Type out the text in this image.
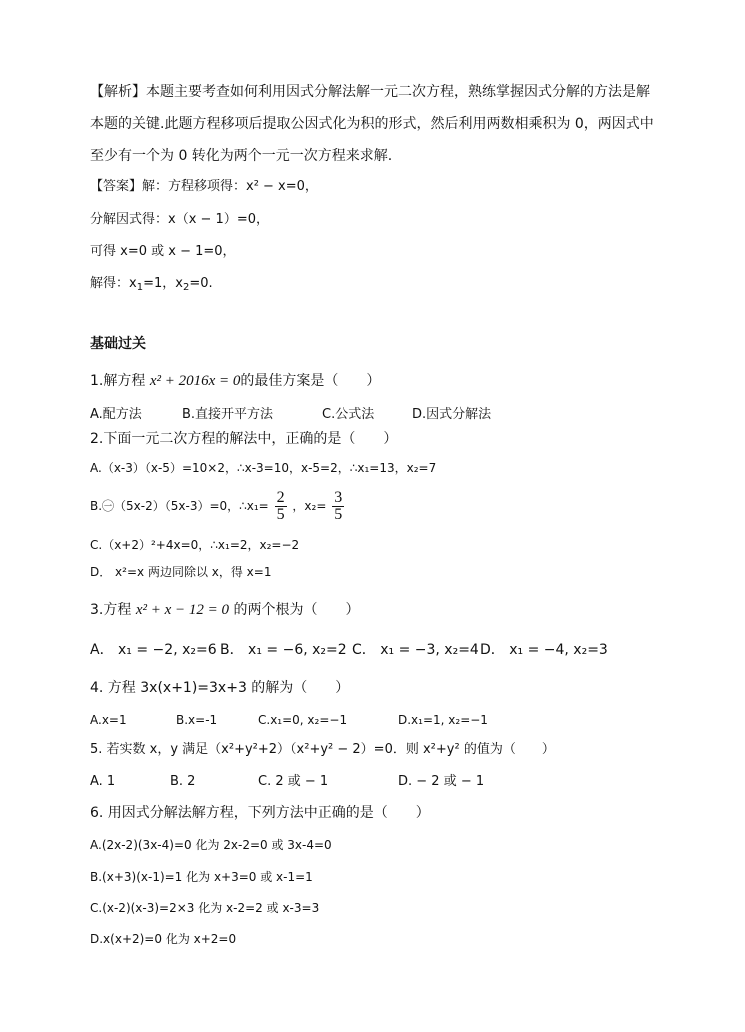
【解析】本题主要考查如何利用因式分解法解一元二次方程，熟练掌握因式分解的方法是解
本题的关键.此题方程移项后提取公因式化为积的形式，然后利用两数相乘积为 0，两因式中
至少有一个为 0 转化为两个一元一次方程来求解.
【答案】解：方程移项得：x² − x=0，
分解因式得：x（x − 1）=0，
可得 x=0 或 x − 1=0，
解得：$x_1=1$，$x_2=0$.
基础过关
1.解方程 x² + 2016x = 0的最佳方案是（　　）
A.配方法	B.直接开平方法	C.公式法	D.因式分解法
2.下面一元二次方程的解法中，正确的是（　　）
A.（x-3）（x-5）=10×2，∴x-3=10，x-5=2，∴x₁=13，x₂=7
B.㊀（5x-2）（5x-3）=0，∴x₁= $\frac{2}{5}$ ，$x_2= \frac{3}{5}$
C.（x+2）²+4x=0，∴x₁=2，x₂=−2
D． x²=x 两边同除以 x，得 x=1
3.方程 x² + x − 12 = 0 的两个根为（　　）
A． x₁ = −2, x₂=6 B． x₁ = −6, x₂=2 C． x₁ = −3, x₂=4 D． x₁ = −4, x₂=3
4. 方程 3x(x+1)=3x+3 的解为（　　）
A.x=1	B.x=-1	C.x₁=0, x₂=−1	D.x₁=1, x₂=−1
5. 若实数 x，y 满足（x²+y²+2）（x²+y² − 2）=0．则 x²+y² 的值为（　　）
A. 1	B. 2	C. 2 或 − 1	D. − 2 或 − 1
6. 用因式分解法解方程，下列方法中正确的是（　　）
A.(2x-2)(3x-4)=0 化为 2x-2=0 或 3x-4=0
B.(x+3)(x-1)=1 化为 x+3=0 或 x-1=1
C.(x-2)(x-3)=2×3 化为 x-2=2 或 x-3=3
D.x(x+2)=0 化为 x+2=0
